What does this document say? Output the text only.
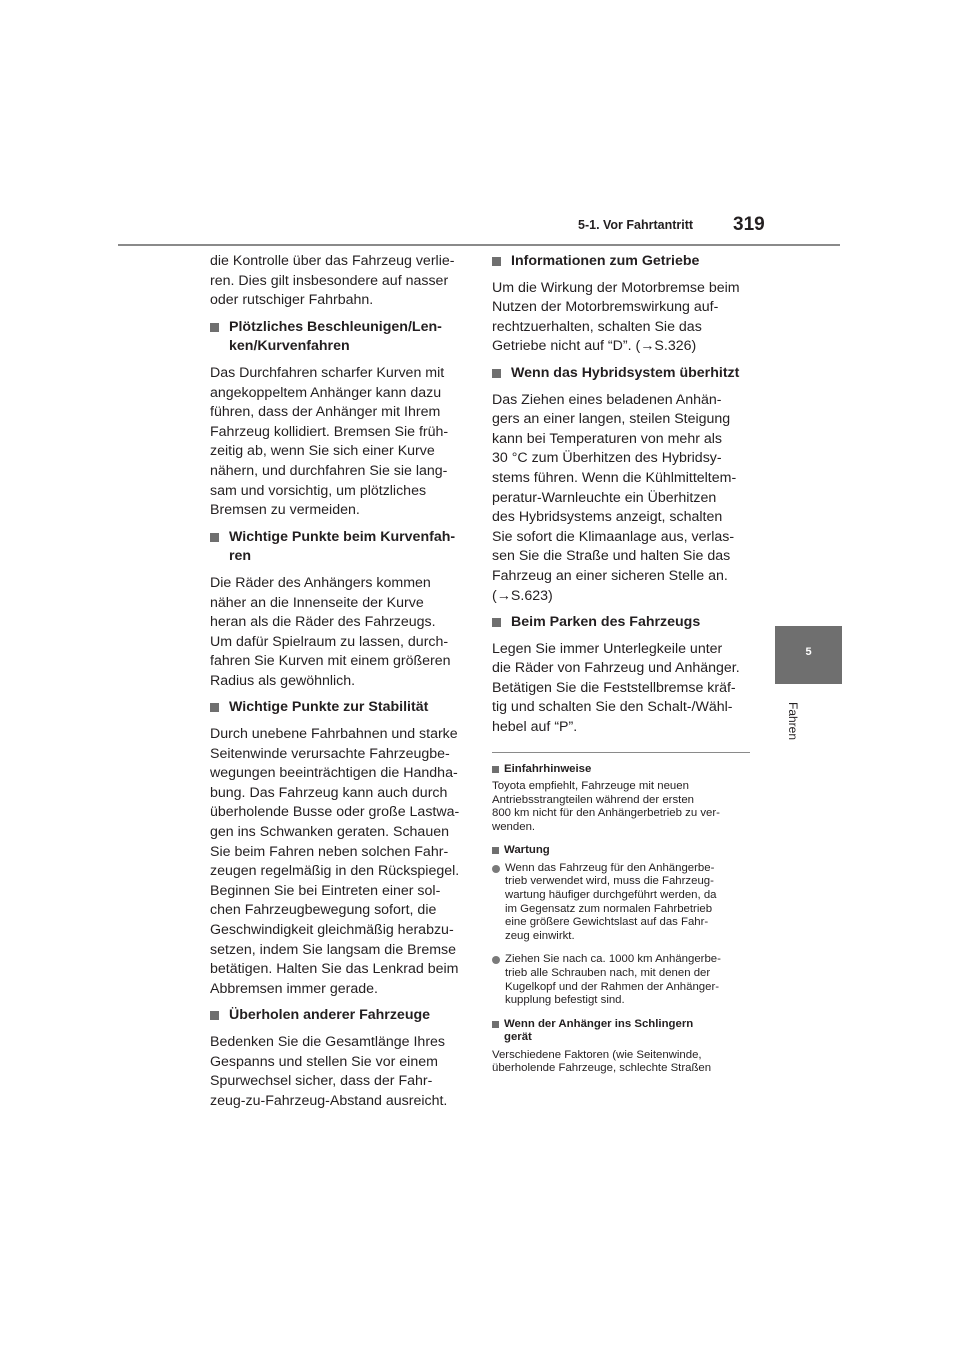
5-1. Vor Fahrtantritt 319
5
Fahren

die Kontrolle über das Fahrzeug verlie-
ren. Dies gilt insbesondere auf nasser
oder rutschiger Fahrbahn.

Plötzliches Beschleunigen/Len-
ken/Kurvenfahren

Das Durchfahren scharfer Kurven mit
angekoppeltem Anhänger kann dazu
führen, dass der Anhänger mit Ihrem
Fahrzeug kollidiert. Bremsen Sie früh-
zeitig ab, wenn Sie sich einer Kurve
nähern, und durchfahren Sie sie lang-
sam und vorsichtig, um plötzliches
Bremsen zu vermeiden.

Wichtige Punkte beim Kurvenfah-
ren

Die Räder des Anhängers kommen
näher an die Innenseite der Kurve
heran als die Räder des Fahrzeugs.
Um dafür Spielraum zu lassen, durch-
fahren Sie Kurven mit einem größeren
Radius als gewöhnlich.

Wichtige Punkte zur Stabilität

Durch unebene Fahrbahnen und starke
Seitenwinde verursachte Fahrzeugbe-
wegungen beeinträchtigen die Handha-
bung. Das Fahrzeug kann auch durch
überholende Busse oder große Lastwa-
gen ins Schwanken geraten. Schauen
Sie beim Fahren neben solchen Fahr-
zeugen regelmäßig in den Rückspiegel.
Beginnen Sie bei Eintreten einer sol-
chen Fahrzeugbewegung sofort, die
Geschwindigkeit gleichmäßig herabzu-
setzen, indem Sie langsam die Bremse
betätigen. Halten Sie das Lenkrad beim
Abbremsen immer gerade.

Überholen anderer Fahrzeuge

Bedenken Sie die Gesamtlänge Ihres
Gespanns und stellen Sie vor einem
Spurwechsel sicher, dass der Fahr-
zeug-zu-Fahrzeug-Abstand ausreicht.

Informationen zum Getriebe

Um die Wirkung der Motorbremse beim
Nutzen der Motorbremswirkung auf-
rechtzuerhalten, schalten Sie das
Getriebe nicht auf “D”. (→S.326)

Wenn das Hybridsystem überhitzt

Das Ziehen eines beladenen Anhän-
gers an einer langen, steilen Steigung
kann bei Temperaturen von mehr als
30 °C zum Überhitzen des Hybridsy-
stems führen. Wenn die Kühlmitteltem-
peratur-Warnleuchte ein Überhitzen
des Hybridsystems anzeigt, schalten
Sie sofort die Klimaanlage aus, verlas-
sen Sie die Straße und halten Sie das
Fahrzeug an einer sicheren Stelle an.
(→S.623)

Beim Parken des Fahrzeugs

Legen Sie immer Unterlegkeile unter
die Räder von Fahrzeug und Anhänger.
Betätigen Sie die Feststellbremse kräf-
tig und schalten Sie den Schalt-/Wähl-
hebel auf “P”.

Einfahrhinweise

Toyota empfiehlt, Fahrzeuge mit neuen
Antriebsstrangteilen während der ersten
800 km nicht für den Anhängerbetrieb zu ver-
wenden.

Wartung

Wenn das Fahrzeug für den Anhängerbe-
trieb verwendet wird, muss die Fahrzeug-
wartung häufiger durchgeführt werden, da
im Gegensatz zum normalen Fahrbetrieb
eine größere Gewichtslast auf das Fahr-
zeug einwirkt.

Ziehen Sie nach ca. 1000 km Anhängerbe-
trieb alle Schrauben nach, mit denen der
Kugelkopf und der Rahmen der Anhänger-
kupplung befestigt sind.

Wenn der Anhänger ins Schlingern
gerät

Verschiedene Faktoren (wie Seitenwinde,
überholende Fahrzeuge, schlechte Straßen
